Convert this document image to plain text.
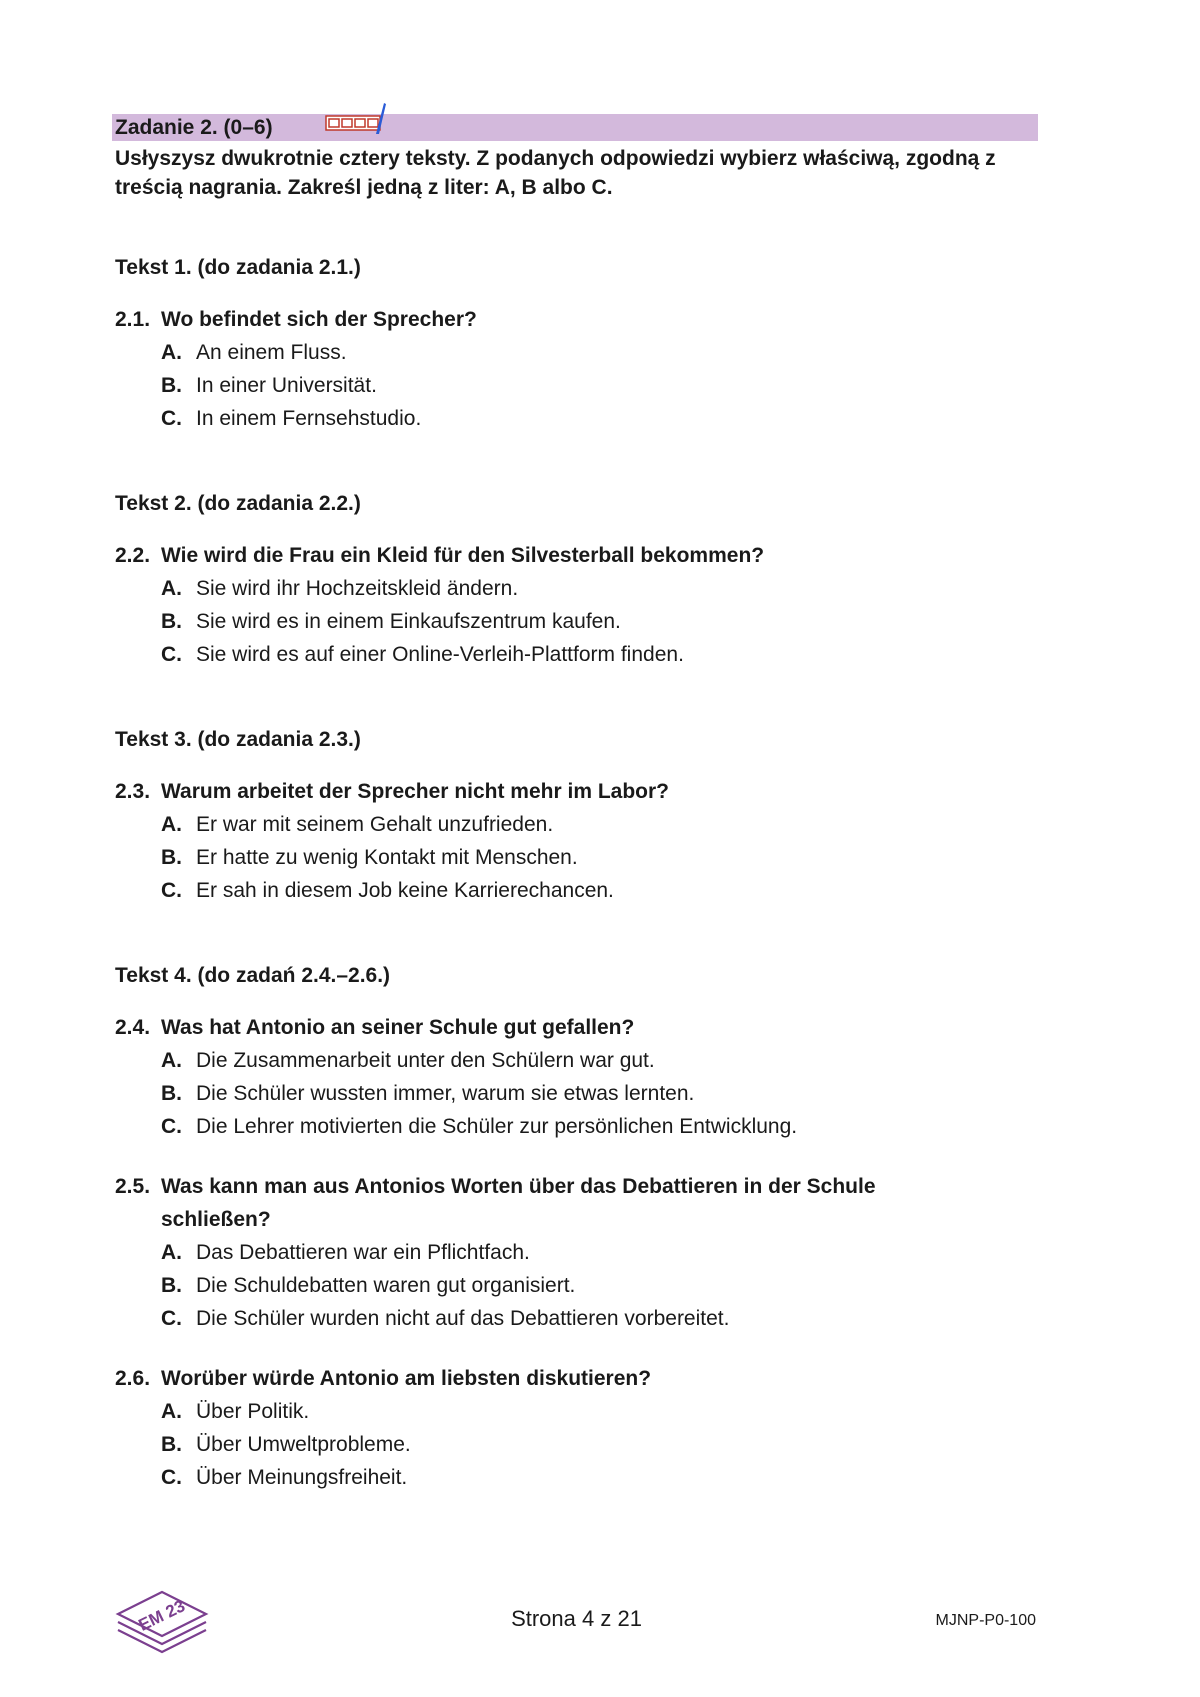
Zadanie 2. (0–6)
Usłyszysz dwukrotnie cztery teksty. Z podanych odpowiedzi wybierz właściwą, zgodną z treścią nagrania. Zakreśl jedną z liter: A, B albo C.
Tekst 1. (do zadania 2.1.)
2.1. Wo befindet sich der Sprecher?
A. An einem Fluss.
B. In einer Universität.
C. In einem Fernsehstudio.
Tekst 2. (do zadania 2.2.)
2.2. Wie wird die Frau ein Kleid für den Silvesterball bekommen?
A. Sie wird ihr Hochzeitskleid ändern.
B. Sie wird es in einem Einkaufszentrum kaufen.
C. Sie wird es auf einer Online-Verleih-Plattform finden.
Tekst 3. (do zadania 2.3.)
2.3. Warum arbeitet der Sprecher nicht mehr im Labor?
A. Er war mit seinem Gehalt unzufrieden.
B. Er hatte zu wenig Kontakt mit Menschen.
C. Er sah in diesem Job keine Karrierechancen.
Tekst 4. (do zadań 2.4.–2.6.)
2.4. Was hat Antonio an seiner Schule gut gefallen?
A. Die Zusammenarbeit unter den Schülern war gut.
B. Die Schüler wussten immer, warum sie etwas lernten.
C. Die Lehrer motivierten die Schüler zur persönlichen Entwicklung.
2.5. Was kann man aus Antonios Worten über das Debattieren in der Schule schließen?
A. Das Debattieren war ein Pflichtfach.
B. Die Schuldebatten waren gut organisiert.
C. Die Schüler wurden nicht auf das Debattieren vorbereitet.
2.6. Worüber würde Antonio am liebsten diskutieren?
A. Über Politik.
B. Über Umweltprobleme.
C. Über Meinungsfreiheit.
EM 23	Strona 4 z 21	MJNP-P0-100
